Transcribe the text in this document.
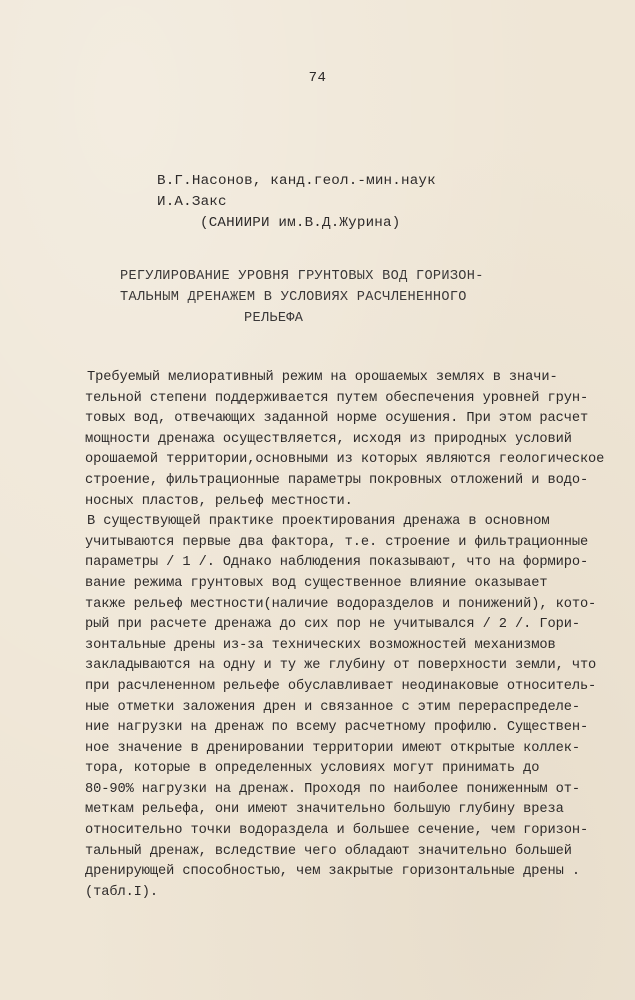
74
В.Г.Насонов, канд.геол.-мин.наук
И.А.Закс
(САНИИРИ им.В.Д.Журина)
РЕГУЛИРОВАНИЕ УРОВНЯ ГРУНТОВЫХ ВОД ГОРИЗОН-
ТАЛЬНЫМ ДРЕНАЖЕМ В УСЛОВИЯХ РАСЧЛЕНЕННОГО
РЕЛЬЕФА
Требуемый мелиоративный режим на орошаемых землях в значи-
тельной степени поддерживается путем обеспечения уровней грун-
товых вод, отвечающих заданной норме осушения. При этом расчет
мощности дренажа осуществляется, исходя из природных условий
орошаемой территории,основными из которых являются геологическое
строение, фильтрационные параметры покровных отложений и водо-
носных пластов, рельеф местности.
В существующей практике проектирования дренажа в основном
учитываются первые два фактора, т.е. строение и фильтрационные
параметры / 1 /. Однако наблюдения показывают, что на формиро-
вание режима грунтовых вод существенное влияние оказывает
также рельеф местности(наличие водоразделов и понижений), кото-
рый при расчете дренажа до сих пор не учитывался / 2 /. Гори-
зонтальные дрены из-за технических возможностей механизмов
закладываются на одну и ту же глубину от поверхности земли, что
при расчлененном рельефе обуславливает неодинаковые относитель-
ные отметки заложения дрен и связанное с этим перераспределе-
ние нагрузки на дренаж по всему расчетному профилю. Существен-
ное значение в дренировании территории имеют открытые коллек-
тора, которые в определенных условиях могут принимать до
80-90% нагрузки на дренаж. Проходя по наиболее пониженным от-
меткам рельефа, они имеют значительно большую глубину вреза
относительно точки водораздела и большее сечение, чем горизон-
тальный дренаж, вследствие чего обладают значительно большей
дренирующей способностью, чем закрытые горизонтальные дрены .
(табл.I).
